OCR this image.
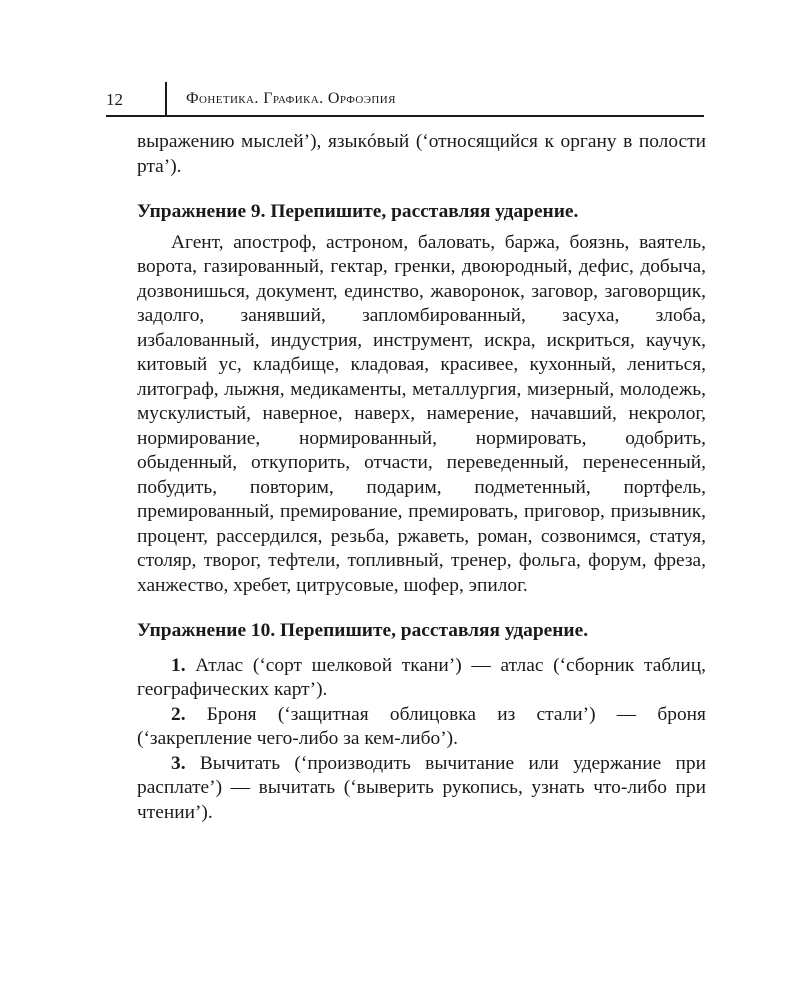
12	Фонетика. Графика. Орфоэпия

выражению мыслей’), языкóвый (‘относящийся к органу в полости рта’).

Упражнение 9. Перепишите, расставляя ударение.

Агент, апостроф, астроном, баловать, баржа, боязнь, ваятель, ворота, газированный, гектар, гренки, двоюродный, дефис, добыча, дозвонишься, документ, единство, жаворонок, заговор, заговорщик, задолго, занявший, запломбированный, засуха, злоба, избалованный, индустрия, инструмент, искра, искриться, каучук, китовый ус, кладбище, кладовая, красивее, кухонный, лениться, литограф, лыжня, медикаменты, металлургия, мизерный, молодежь, мускулистый, наверное, наверх, намерение, начавший, некролог, нормирование, нормированный, нормировать, одобрить, обыденный, откупорить, отчасти, переведенный, перенесенный, побудить, повторим, подарим, подметенный, портфель, премированный, премирование, премировать, приговор, призывник, процент, рассердился, резьба, ржаветь, роман, созвонимся, статуя, столяр, творог, тефтели, топливный, тренер, фольга, форум, фреза, ханжество, хребет, цитрусовые, шофер, эпилог.

Упражнение 10. Перепишите, расставляя ударение.

1. Атлас (‘сорт шелковой ткани’) — атлас (‘сборник таблиц, географических карт’).

2. Броня (‘защитная облицовка из стали’) — броня (‘закрепление чего-либо за кем-либо’).

3. Вычитать (‘производить вычитание или удержание при расплате’) — вычитать (‘выверить рукопись, узнать что-либо при чтении’).
